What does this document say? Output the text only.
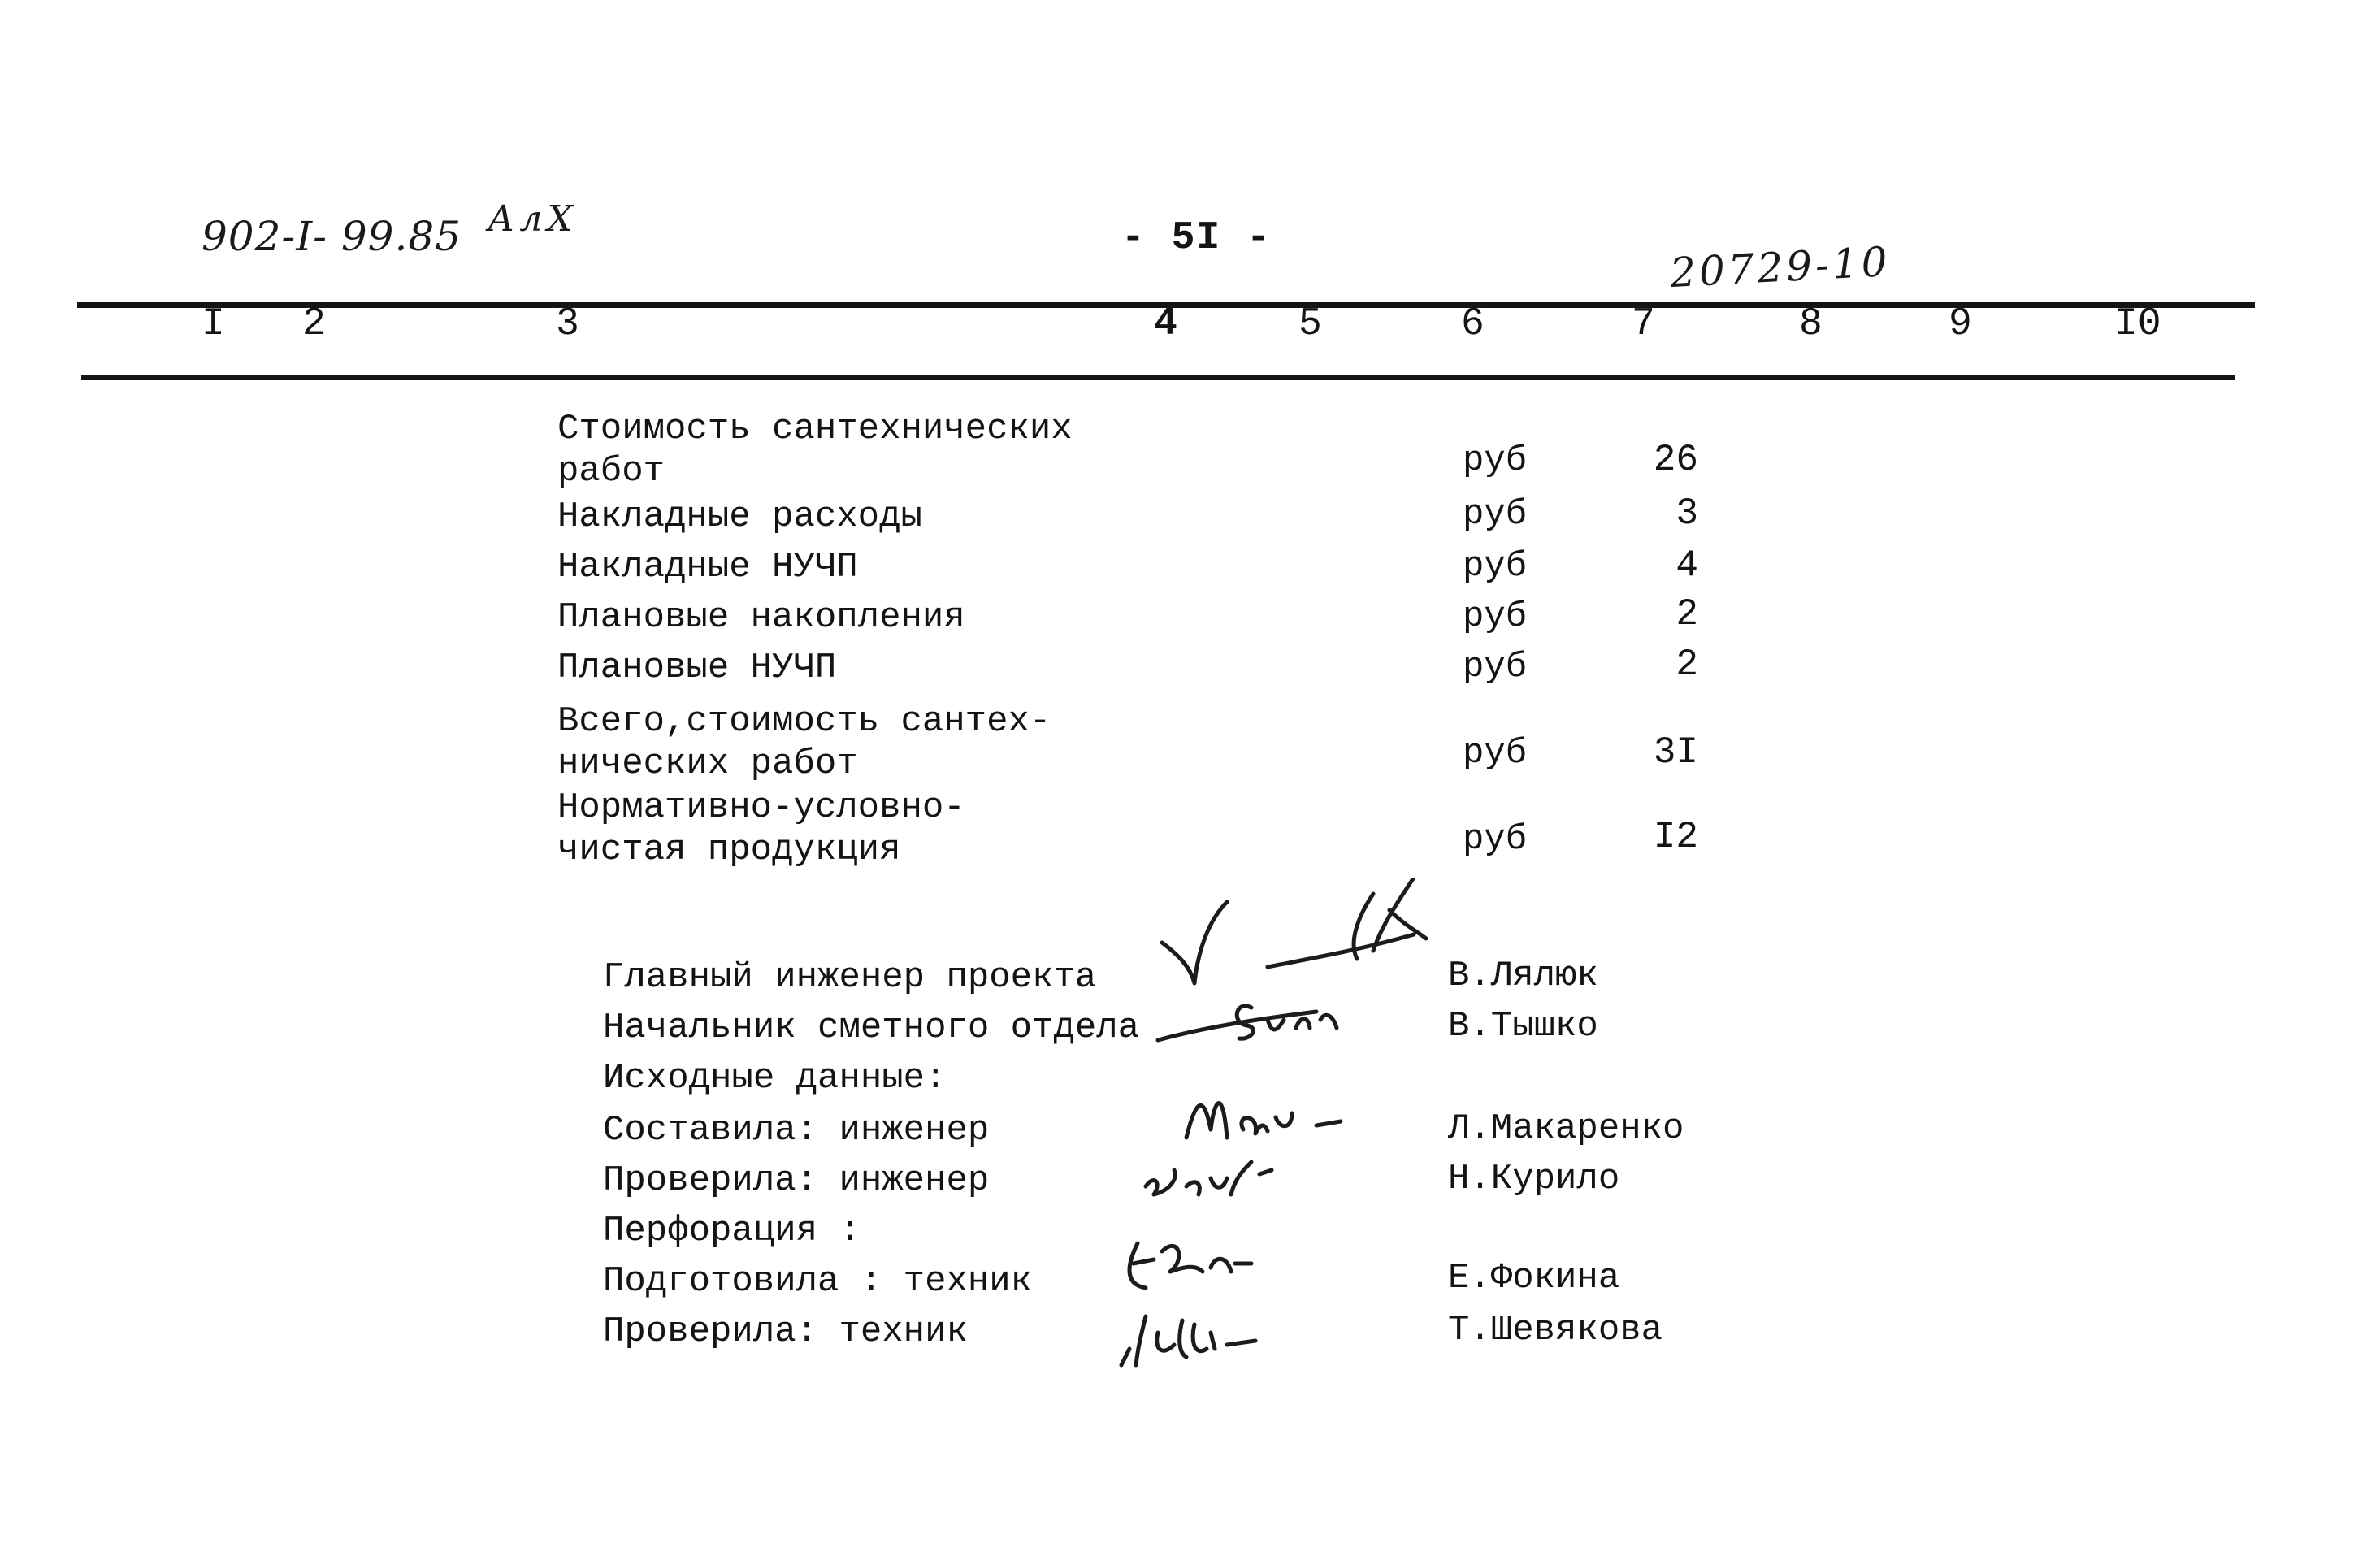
902-I- 99.85 АлХ	- 5I -	20729-10
I 2	3	4	5	6	7	8	9	I0
Стоимость сантехнических работ	руб	26
Накладные расходы	руб	3
Накладные НУЧП	руб	4
Плановые накопления	руб	2
Плановые НУЧП	руб	2
Всего,стоимость сантех-ничеcких работ	руб	3I
Нормативно-условно-чистая продукция	руб	I2
Главный инженер проекта	В.Лялюк
Начальник сметного отдела	В.Тышко
Исходные данные:
Составила: инженер	Л.Макаренко
Проверила: инженер	Н.Курило
Перфорация :
Подготовила : техник	Е.Фокина
Проверила: техник	Т.Шевякова
